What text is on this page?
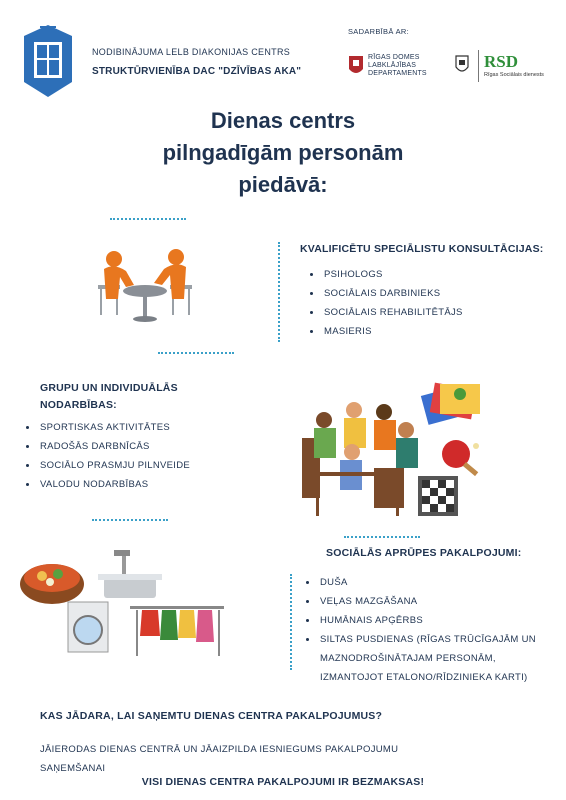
NODIBINĀJUMA LELB DIAKONIJAS CENTRS
STRUKTŪRVIENĪBA DAC "DZĪVĪBAS AKA"
SADARBĪBĀ AR:
RĪGAS DOMES
LABKLĀJĪBAS
DEPARTAMENTS
RSD
Rīgas Sociālais dienests
Dienas centrs
pilngadīgām personām
piedāvā:
KVALIFICĒTU SPECIĀLISTU KONSULTĀCIJAS:
PSIHOLOGS
SOCIĀLAIS DARBINIEKS
SOCIĀLAIS REHABILITĒTĀJS
MASIERIS
GRUPU UN INDIVIDUĀLĀS
NODARBĪBAS:
SPORTISKAS AKTIVITĀTES
RADOŠĀS DARBNĪCĀS
SOCIĀLO PRASMJU PILNVEIDE
VALODU NODARBĪBAS
SOCIĀLĀS APRŪPES PAKALPOJUMI:
DUŠA
VEĻAS MAZGĀŠANA
HUMĀNAIS APĢĒRBS
SILTAS PUSDIENAS (RĪGAS TRŪCĪGAJĀM UN
MAZNODROŠINĀTAJAM PERSONĀM,
IZMANTOJOT ETALONO/RĪDZINIEKA KARTI)
KAS JĀDARA, LAI SAŅEMTU DIENAS CENTRA PAKALPOJUMUS?
JĀIERODAS DIENAS CENTRĀ UN JĀAIZPILDA IESNIEGUMS PAKALPOJUMU
SAŅEMŠANAI
VISI DIENAS CENTRA PAKALPOJUMI IR BEZMAKSAS!
